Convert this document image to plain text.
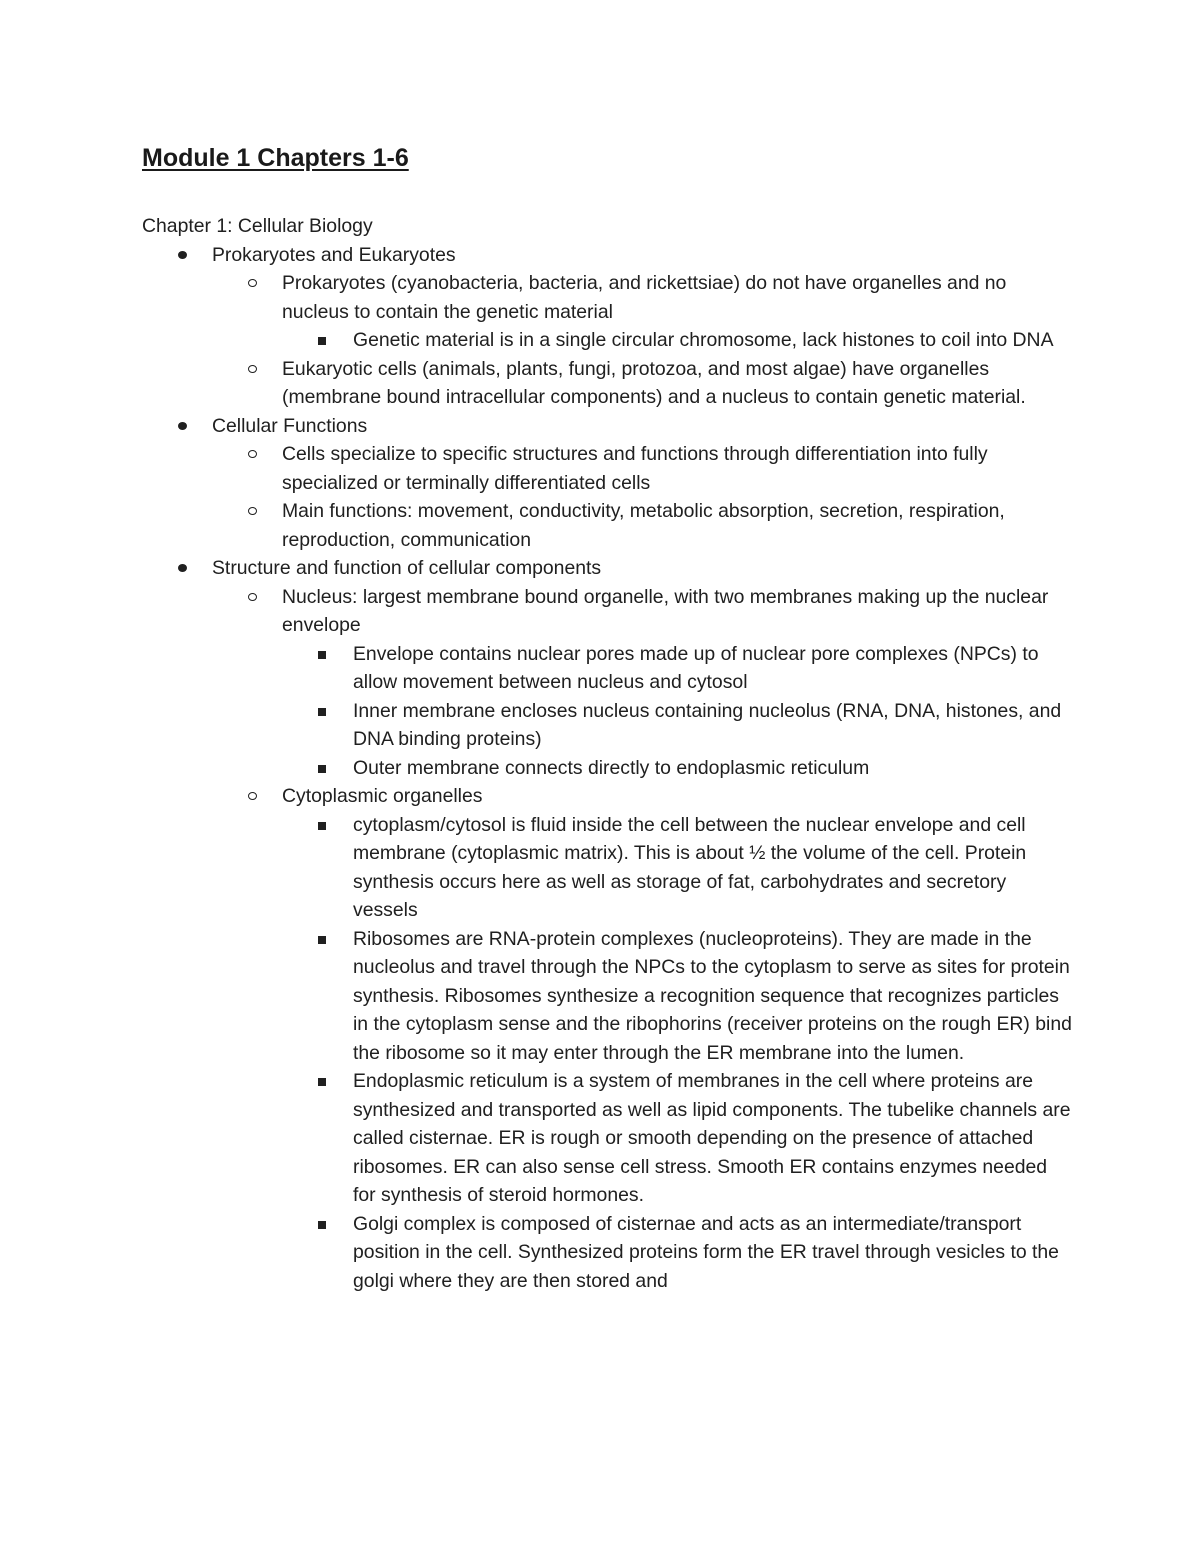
Module 1 Chapters 1-6

Chapter 1: Cellular Biology

Prokaryotes and Eukaryotes
Prokaryotes (cyanobacteria, bacteria, and rickettsiae) do not have organelles and no nucleus to contain the genetic material
Genetic material is in a single circular chromosome, lack histones to coil into DNA
Eukaryotic cells (animals, plants, fungi, protozoa, and most algae) have organelles (membrane bound intracellular components) and a nucleus to contain genetic material.
Cellular Functions
Cells specialize to specific structures and functions through differentiation into fully specialized or terminally differentiated cells
Main functions: movement, conductivity, metabolic absorption, secretion, respiration, reproduction, communication
Structure and function of cellular components
Nucleus: largest membrane bound organelle, with two membranes making up the nuclear envelope
Envelope contains nuclear pores made up of nuclear pore complexes (NPCs) to allow movement between nucleus and cytosol
Inner membrane encloses nucleus containing nucleolus (RNA, DNA, histones, and DNA binding proteins)
Outer membrane connects directly to endoplasmic reticulum
Cytoplasmic organelles
cytoplasm/cytosol is fluid inside the cell between the nuclear envelope and cell membrane (cytoplasmic matrix). This is about ½ the volume of the cell. Protein synthesis occurs here as well as storage of fat, carbohydrates and secretory vessels
Ribosomes are RNA-protein complexes (nucleoproteins). They are made in the nucleolus and travel through the NPCs to the cytoplasm to serve as sites for protein synthesis. Ribosomes synthesize a recognition sequence that recognizes particles in the cytoplasm sense and the ribophorins (receiver proteins on the rough ER) bind the ribosome so it may enter through the ER membrane into the lumen.
Endoplasmic reticulum is a system of membranes in the cell where proteins are synthesized and transported as well as lipid components. The tubelike channels are called cisternae. ER is rough or smooth depending on the presence of attached ribosomes. ER can also sense cell stress. Smooth ER contains enzymes needed for synthesis of steroid hormones.
Golgi complex is composed of cisternae and acts as an intermediate/transport position in the cell. Synthesized proteins form the ER travel through vesicles to the golgi where they are then stored and
